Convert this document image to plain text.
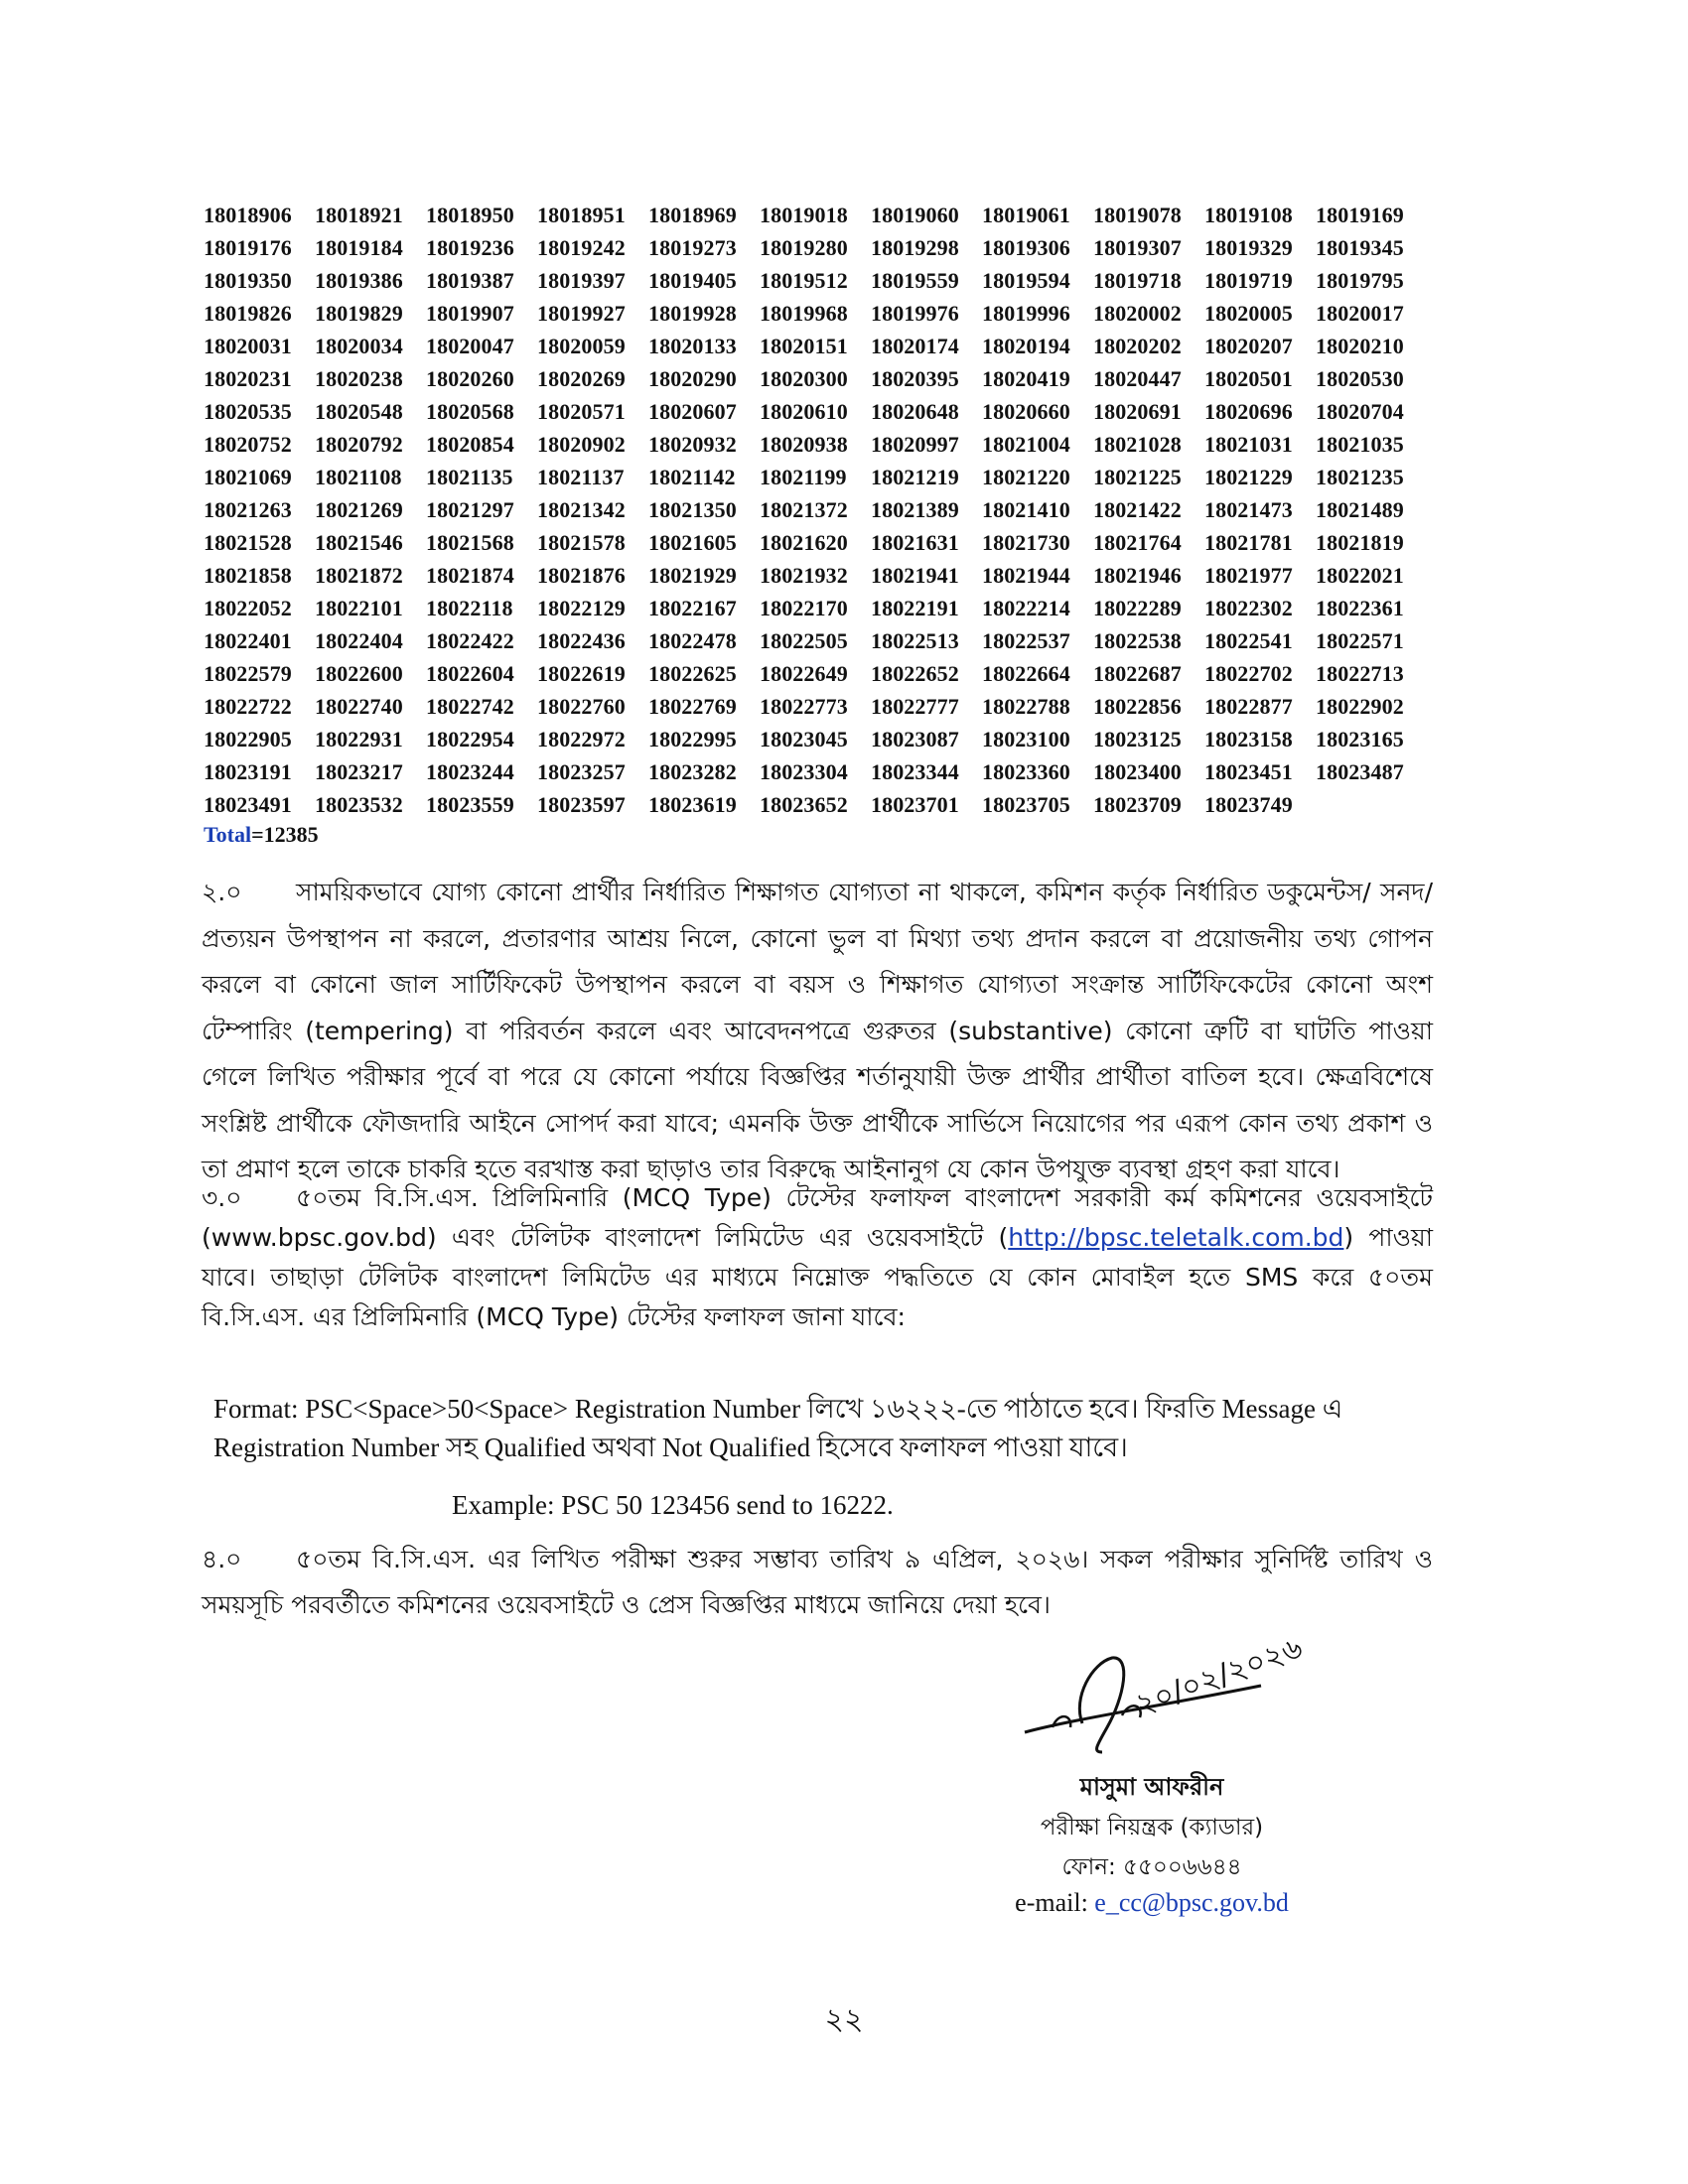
18018906	18018921	18018950	18018951	18018969	18019018	18019060	18019061	18019078	18019108	18019169
18019176	18019184	18019236	18019242	18019273	18019280	18019298	18019306	18019307	18019329	18019345
18019350	18019386	18019387	18019397	18019405	18019512	18019559	18019594	18019718	18019719	18019795
18019826	18019829	18019907	18019927	18019928	18019968	18019976	18019996	18020002	18020005	18020017
18020031	18020034	18020047	18020059	18020133	18020151	18020174	18020194	18020202	18020207	18020210
18020231	18020238	18020260	18020269	18020290	18020300	18020395	18020419	18020447	18020501	18020530
18020535	18020548	18020568	18020571	18020607	18020610	18020648	18020660	18020691	18020696	18020704
18020752	18020792	18020854	18020902	18020932	18020938	18020997	18021004	18021028	18021031	18021035
18021069	18021108	18021135	18021137	18021142	18021199	18021219	18021220	18021225	18021229	18021235
18021263	18021269	18021297	18021342	18021350	18021372	18021389	18021410	18021422	18021473	18021489
18021528	18021546	18021568	18021578	18021605	18021620	18021631	18021730	18021764	18021781	18021819
18021858	18021872	18021874	18021876	18021929	18021932	18021941	18021944	18021946	18021977	18022021
18022052	18022101	18022118	18022129	18022167	18022170	18022191	18022214	18022289	18022302	18022361
18022401	18022404	18022422	18022436	18022478	18022505	18022513	18022537	18022538	18022541	18022571
18022579	18022600	18022604	18022619	18022625	18022649	18022652	18022664	18022687	18022702	18022713
18022722	18022740	18022742	18022760	18022769	18022773	18022777	18022788	18022856	18022877	18022902
18022905	18022931	18022954	18022972	18022995	18023045	18023087	18023100	18023125	18023158	18023165
18023191	18023217	18023244	18023257	18023282	18023304	18023344	18023360	18023400	18023451	18023487
18023491	18023532	18023559	18023597	18023619	18023652	18023701	18023705	18023709	18023749
Total=12385
২.০ সাময়িকভাবে যোগ্য কোনো প্রার্থীর নির্ধারিত শিক্ষাগত যোগ্যতা না থাকলে, কমিশন কর্তৃক নির্ধারিত ডকুমেন্টস/ সনদ/প্রত্যয়ন উপস্থাপন না করলে, প্রতারণার আশ্রয় নিলে, কোনো ভুল বা মিথ্যা তথ্য প্রদান করলে বা প্রয়োজনীয় তথ্য গোপন করলে বা কোনো জাল সার্টিফিকেট উপস্থাপন করলে বা বয়স ও শিক্ষাগত যোগ্যতা সংক্রান্ত সার্টিফিকেটের কোনো অংশ টেম্পারিং (tempering) বা পরিবর্তন করলে এবং আবেদনপত্রে গুরুতর (substantive) কোনো ত্রুটি বা ঘাটতি পাওয়া গেলে লিখিত পরীক্ষার পূর্বে বা পরে যে কোনো পর্যায়ে বিজ্ঞপ্তির শর্তানুযায়ী উক্ত প্রার্থীর প্রার্থীতা বাতিল হবে। ক্ষেত্রবিশেষে সংশ্লিষ্ট প্রার্থীকে ফৌজদারি আইনে সোপর্দ করা যাবে; এমনকি উক্ত প্রার্থীকে সার্ভিসে নিয়োগের পর এরূপ কোন তথ্য প্রকাশ ও তা প্রমাণ হলে তাকে চাকরি হতে বরখাস্ত করা ছাড়াও তার বিরুদ্ধে আইনানুগ যে কোন উপযুক্ত ব্যবস্থা গ্রহণ করা যাবে।
৩.০ ৫০তম বি.সি.এস. প্রিলিমিনারি (MCQ Type) টেস্টের ফলাফল বাংলাদেশ সরকারী কর্ম কমিশনের ওয়েবসাইটে (www.bpsc.gov.bd) এবং টেলিটক বাংলাদেশ লিমিটেড এর ওয়েবসাইটে (http://bpsc.teletalk.com.bd) পাওয়া যাবে। তাছাড়া টেলিটক বাংলাদেশ লিমিটেড এর মাধ্যমে নিম্নোক্ত পদ্ধতিতে যে কোন মোবাইল হতে SMS করে ৫০তম বি.সি.এস. এর প্রিলিমিনারি (MCQ Type) টেস্টের ফলাফল জানা যাবে:
Format: PSC<Space>50<Space> Registration Number লিখে ১৬২২২-তে পাঠাতে হবে। ফিরতি Message এ Registration Number সহ Qualified অথবা Not Qualified হিসেবে ফলাফল পাওয়া যাবে।
Example: PSC 50 123456 send to 16222.
৪.০ ৫০তম বি.সি.এস. এর লিখিত পরীক্ষা শুরুর সম্ভাব্য তারিখ ৯ এপ্রিল, ২০২৬। সকল পরীক্ষার সুনির্দিষ্ট তারিখ ও সময়সূচি পরবর্তীতে কমিশনের ওয়েবসাইটে ও প্রেস বিজ্ঞপ্তির মাধ্যমে জানিয়ে দেয়া হবে।
২০/০২/২০২৬
মাসুমা আফরীন
পরীক্ষা নিয়ন্ত্রক (ক্যাডার)
ফোন: ৫৫০০৬৬৪৪
e-mail: e_cc@bpsc.gov.bd
২২
